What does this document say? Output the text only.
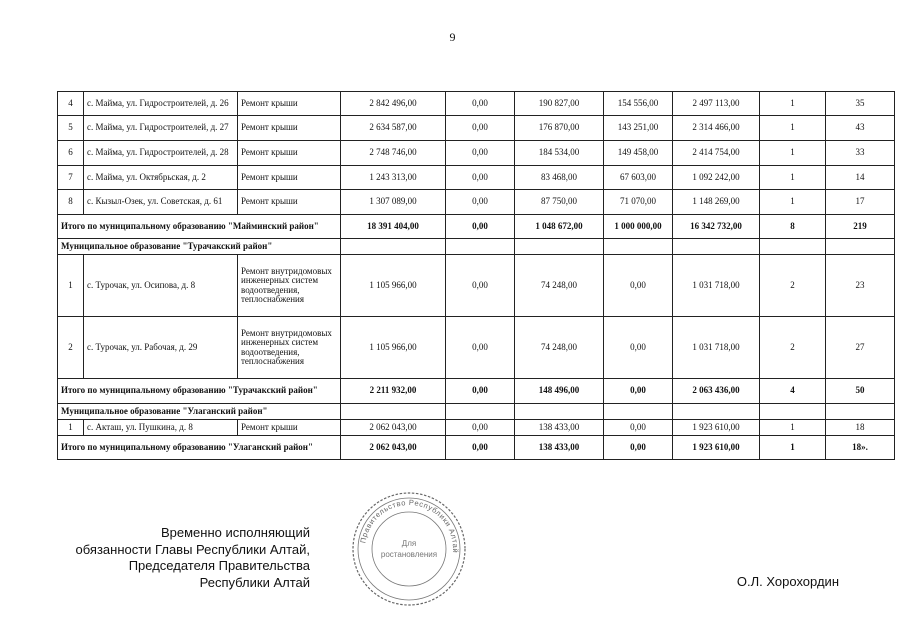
9
4	с. Майма, ул. Гидростроителей, д. 26	Ремонт крыши	2 842 496,00	0,00	190 827,00	154 556,00	2 497 113,00	1	35
5	с. Майма, ул. Гидростроителей, д. 27	Ремонт крыши	2 634 587,00	0,00	176 870,00	143 251,00	2 314 466,00	1	43
6	с. Майма, ул. Гидростроителей, д. 28	Ремонт крыши	2 748 746,00	0,00	184 534,00	149 458,00	2 414 754,00	1	33
7	с. Майма, ул. Октябрьская, д. 2	Ремонт крыши	1 243 313,00	0,00	83 468,00	67 603,00	1 092 242,00	1	14
8	с. Кызыл-Озек, ул. Советская, д. 61	Ремонт крыши	1 307 089,00	0,00	87 750,00	71 070,00	1 148 269,00	1	17
Итого по муниципальному образованию "Майминский район"			18 391 404,00	0,00	1 048 672,00	1 000 000,00	16 342 732,00	8	219
Муниципальное образование "Турачакский район"									
1	с. Турочак, ул. Осипова, д. 8	Ремонт внутридомовых инженерных систем водоотведения, теплоснабжения	1 105 966,00	0,00	74 248,00	0,00	1 031 718,00	2	23
2	с. Турочак, ул. Рабочая, д. 29	Ремонт внутридомовых инженерных систем водоотведения, теплоснабжения	1 105 966,00	0,00	74 248,00	0,00	1 031 718,00	2	27
Итого по муниципальному образованию "Турачакский район"			2 211 932,00	0,00	148 496,00	0,00	2 063 436,00	4	50
Муниципальное образование "Улаганский район"									
1	с. Акташ, ул. Пушкина, д. 8	Ремонт крыши	2 062 043,00	0,00	138 433,00	0,00	1 923 610,00	1	18
Итого по муниципальному образованию "Улаганский район"			2 062 043,00	0,00	138 433,00	0,00	1 923 610,00	1	18».
Временно исполняющий
обязанности Главы Республики Алтай,
Председателя Правительства
Республики Алтай
Правительство Республики Алтай
Для
ростановления
О.Л. Хорохордин
